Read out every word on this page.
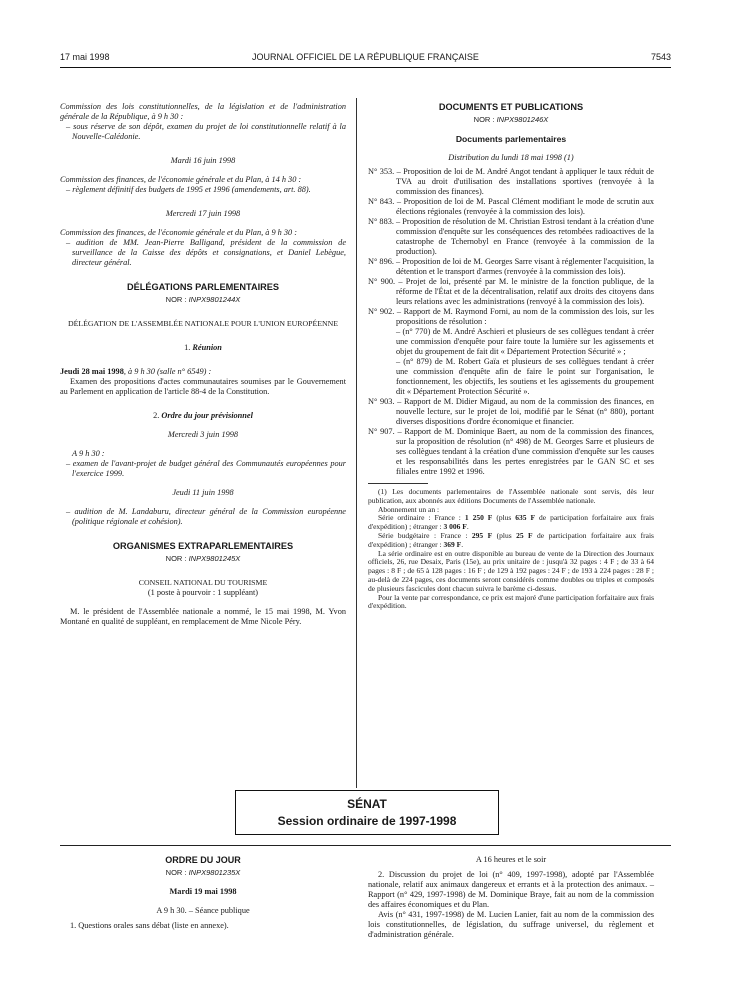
17 mai 1998	JOURNAL OFFICIEL DE LA RÉPUBLIQUE FRANÇAISE	7543

Commission des lois constitutionnelles, de la législation et de l'administration générale de la République, à 9 h 30 :

– sous réserve de son dépôt, examen du projet de loi constitutionnelle relatif à la Nouvelle-Calédonie.

Mardi 16 juin 1998

Commission des finances, de l'économie générale et du Plan, à 14 h 30 :

– règlement définitif des budgets de 1995 et 1996 (amendements, art. 88).

Mercredi 17 juin 1998

Commission des finances, de l'économie générale et du Plan, à 9 h 30 :

– audition de MM. Jean-Pierre Balligand, président de la commission de surveillance de la Caisse des dépôts et consignations, et Daniel Lebègue, directeur général.

DÉLÉGATIONS PARLEMENTAIRES
NOR : INPX9801244X

DÉLÉGATION DE L'ASSEMBLÉE NATIONALE POUR L'UNION EUROPÉENNE

1. Réunion

Jeudi 28 mai 1998, à 9 h 30 (salle n° 6549) :

Examen des propositions d'actes communautaires soumises par le Gouvernement au Parlement en application de l'article 88-4 de la Constitution.

2. Ordre du jour prévisionnel

Mercredi 3 juin 1998

A 9 h 30 :

– examen de l'avant-projet de budget général des Communautés européennes pour l'exercice 1999.

Jeudi 11 juin 1998

– audition de M. Landaburu, directeur général de la Commission européenne (politique régionale et cohésion).

ORGANISMES EXTRAPARLEMENTAIRES
NOR : INPX9801245X

CONSEIL NATIONAL DU TOURISME

(1 poste à pourvoir : 1 suppléant)

M. le président de l'Assemblée nationale a nommé, le 15 mai 1998, M. Yvon Montané en qualité de suppléant, en remplacement de Mme Nicole Péry.

DOCUMENTS ET PUBLICATIONS
NOR : INPX9801246X

Documents parlementaires

Distribution du lundi 18 mai 1998 (1)

N° 353. – Proposition de loi de M. André Angot tendant à appliquer le taux réduit de TVA au droit d'utilisation des installations sportives (renvoyée à la commission des finances).

N° 843. – Proposition de loi de M. Pascal Clément modifiant le mode de scrutin aux élections régionales (renvoyée à la commission des lois).

N° 883. – Proposition de résolution de M. Christian Estrosi tendant à la création d'une commission d'enquête sur les conséquences des retombées radioactives de la catastrophe de Tchernobyl en France (renvoyée à la commission de la production).

N° 896. – Proposition de loi de M. Georges Sarre visant à réglementer l'acquisition, la détention et le transport d'armes (renvoyée à la commission des lois).

N° 900. – Projet de loi, présenté par M. le ministre de la fonction publique, de la réforme de l'État et de la décentralisation, relatif aux droits des citoyens dans leurs relations avec les administrations (renvoyé à la commission des lois).

N° 902. – Rapport de M. Raymond Forni, au nom de la commission des lois, sur les propositions de résolution :

– (n° 770) de M. André Aschieri et plusieurs de ses collègues tendant à créer une commission d'enquête pour faire toute la lumière sur les agissements et objet du groupement de fait dit « Département Protection Sécurité » ;

– (n° 879) de M. Robert Gaïa et plusieurs de ses collègues tendant à créer une commission d'enquête afin de faire le point sur l'organisation, le fonctionnement, les objectifs, les soutiens et les agissements du groupement dit « Département Protection Sécurité ».

N° 903. – Rapport de M. Didier Migaud, au nom de la commission des finances, en nouvelle lecture, sur le projet de loi, modifié par le Sénat (n° 880), portant diverses dispositions d'ordre économique et financier.

N° 907. – Rapport de M. Dominique Baert, au nom de la commission des finances, sur la proposition de résolution (n° 498) de M. Georges Sarre et plusieurs de ses collègues tendant à la création d'une commission d'enquête sur les causes et les responsabilités dans les pertes enregistrées par le GAN SC et ses filiales entre 1992 et 1996.

(1) Les documents parlementaires de l'Assemblée nationale sont servis, dès leur publication, aux abonnés aux éditions Documents de l'Assemblée nationale.

Abonnement un an :

Série ordinaire : France : 1 250 F (plus 635 F de participation forfaitaire aux frais d'expédition) ; étranger : 3 006 F.

Série budgétaire : France : 295 F (plus 25 F de participation forfaitaire aux frais d'expédition) ; étranger : 369 F.

La série ordinaire est en outre disponible au bureau de vente de la Direction des Journaux officiels, 26, rue Desaix, Paris (15e), au prix unitaire de : jusqu'à 32 pages : 4 F ; de 33 à 64 pages : 8 F ; de 65 à 128 pages : 16 F ; de 129 à 192 pages : 24 F ; de 193 à 224 pages : 28 F ; au-delà de 224 pages, ces documents seront considérés comme doubles ou triples et composés de plusieurs fascicules dont chacun suivra le barème ci-dessus.

Pour la vente par correspondance, ce prix est majoré d'une participation forfaitaire aux frais d'expédition.

SÉNAT
Session ordinaire de 1997-1998
ORDRE DU JOUR
NOR : INPX9801235X

Mardi 19 mai 1998

A 9 h 30. – Séance publique

1. Questions orales sans débat (liste en annexe).

A 16 heures et le soir

2. Discussion du projet de loi (n° 409, 1997-1998), adopté par l'Assemblée nationale, relatif aux animaux dangereux et errants et à la protection des animaux. – Rapport (n° 429, 1997-1998) de M. Dominique Braye, fait au nom de la commission des affaires économiques et du Plan.

Avis (n° 431, 1997-1998) de M. Lucien Lanier, fait au nom de la commission des lois constitutionnelles, de législation, du suffrage universel, du règlement et d'administration générale.
